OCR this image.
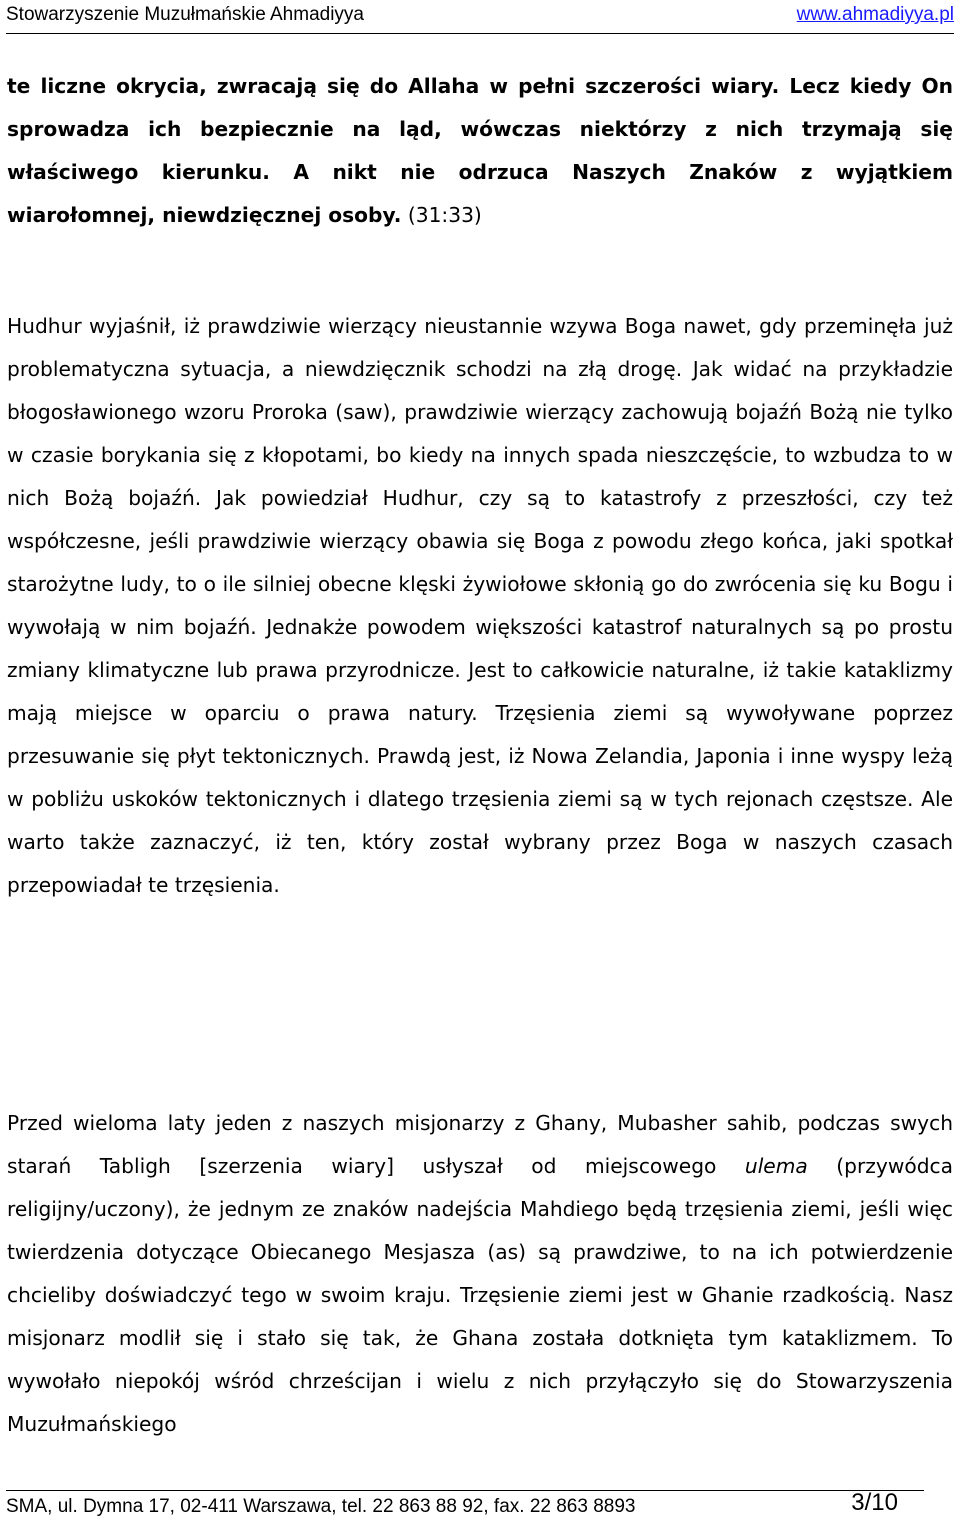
Stowarzyszenie Muzułmańskie Ahmadiyya	www.ahmadiyya.pl

te liczne okrycia, zwracają się do Allaha w pełni szczerości wiary. Lecz kiedy On sprowadza ich bezpiecznie na ląd, wówczas niektórzy z nich trzymają się właściwego kierunku. A nikt nie odrzuca Naszych Znaków z wyjątkiem wiarołomnej, niewdzięcznej osoby. (31:33)

Hudhur wyjaśnił, iż prawdziwie wierzący nieustannie wzywa Boga nawet, gdy przeminęła już problematyczna sytuacja, a niewdzięcznik schodzi na złą drogę. Jak widać na przykładzie błogosławionego wzoru Proroka (saw), prawdziwie wierzący zachowują bojaźń Bożą nie tylko w czasie borykania się z kłopotami, bo kiedy na innych spada nieszczęście, to wzbudza to w nich Bożą bojaźń. Jak powiedział Hudhur, czy są to katastrofy z przeszłości, czy też współczesne, jeśli prawdziwie wierzący obawia się Boga z powodu złego końca, jaki spotkał starożytne ludy, to o ile silniej obecne klęski żywiołowe skłonią go do zwrócenia się ku Bogu i wywołają w nim bojaźń. Jednakże powodem większości katastrof naturalnych są po prostu zmiany klimatyczne lub prawa przyrodnicze. Jest to całkowicie naturalne, iż takie kataklizmy mają miejsce w oparciu o prawa natury. Trzęsienia ziemi są wywoływane poprzez przesuwanie się płyt tektonicznych. Prawdą jest, iż Nowa Zelandia, Japonia i inne wyspy leżą w pobliżu uskoków tektonicznych i dlatego trzęsienia ziemi są w tych rejonach częstsze. Ale warto także zaznaczyć, iż ten, który został wybrany przez Boga w naszych czasach przepowiadał te trzęsienia.

Przed wieloma laty jeden z naszych misjonarzy z Ghany, Mubasher sahib, podczas swych starań Tabligh [szerzenia wiary] usłyszał od miejscowego ulema (przywódca religijny/uczony), że jednym ze znaków nadejścia Mahdiego będą trzęsienia ziemi, jeśli więc twierdzenia dotyczące Obiecanego Mesjasza (as) są prawdziwe, to na ich potwierdzenie chcieliby doświadczyć tego w swoim kraju. Trzęsienie ziemi jest w Ghanie rzadkością. Nasz misjonarz modlił się i stało się tak, że Ghana została dotknięta tym kataklizmem. To wywołało niepokój wśród chrześcijan i wielu z nich przyłączyło się do Stowarzyszenia Muzułmańskiego

SMA, ul. Dymna 17, 02-411 Warszawa, tel. 22 863 88 92, fax. 22 863 8893	3/10
